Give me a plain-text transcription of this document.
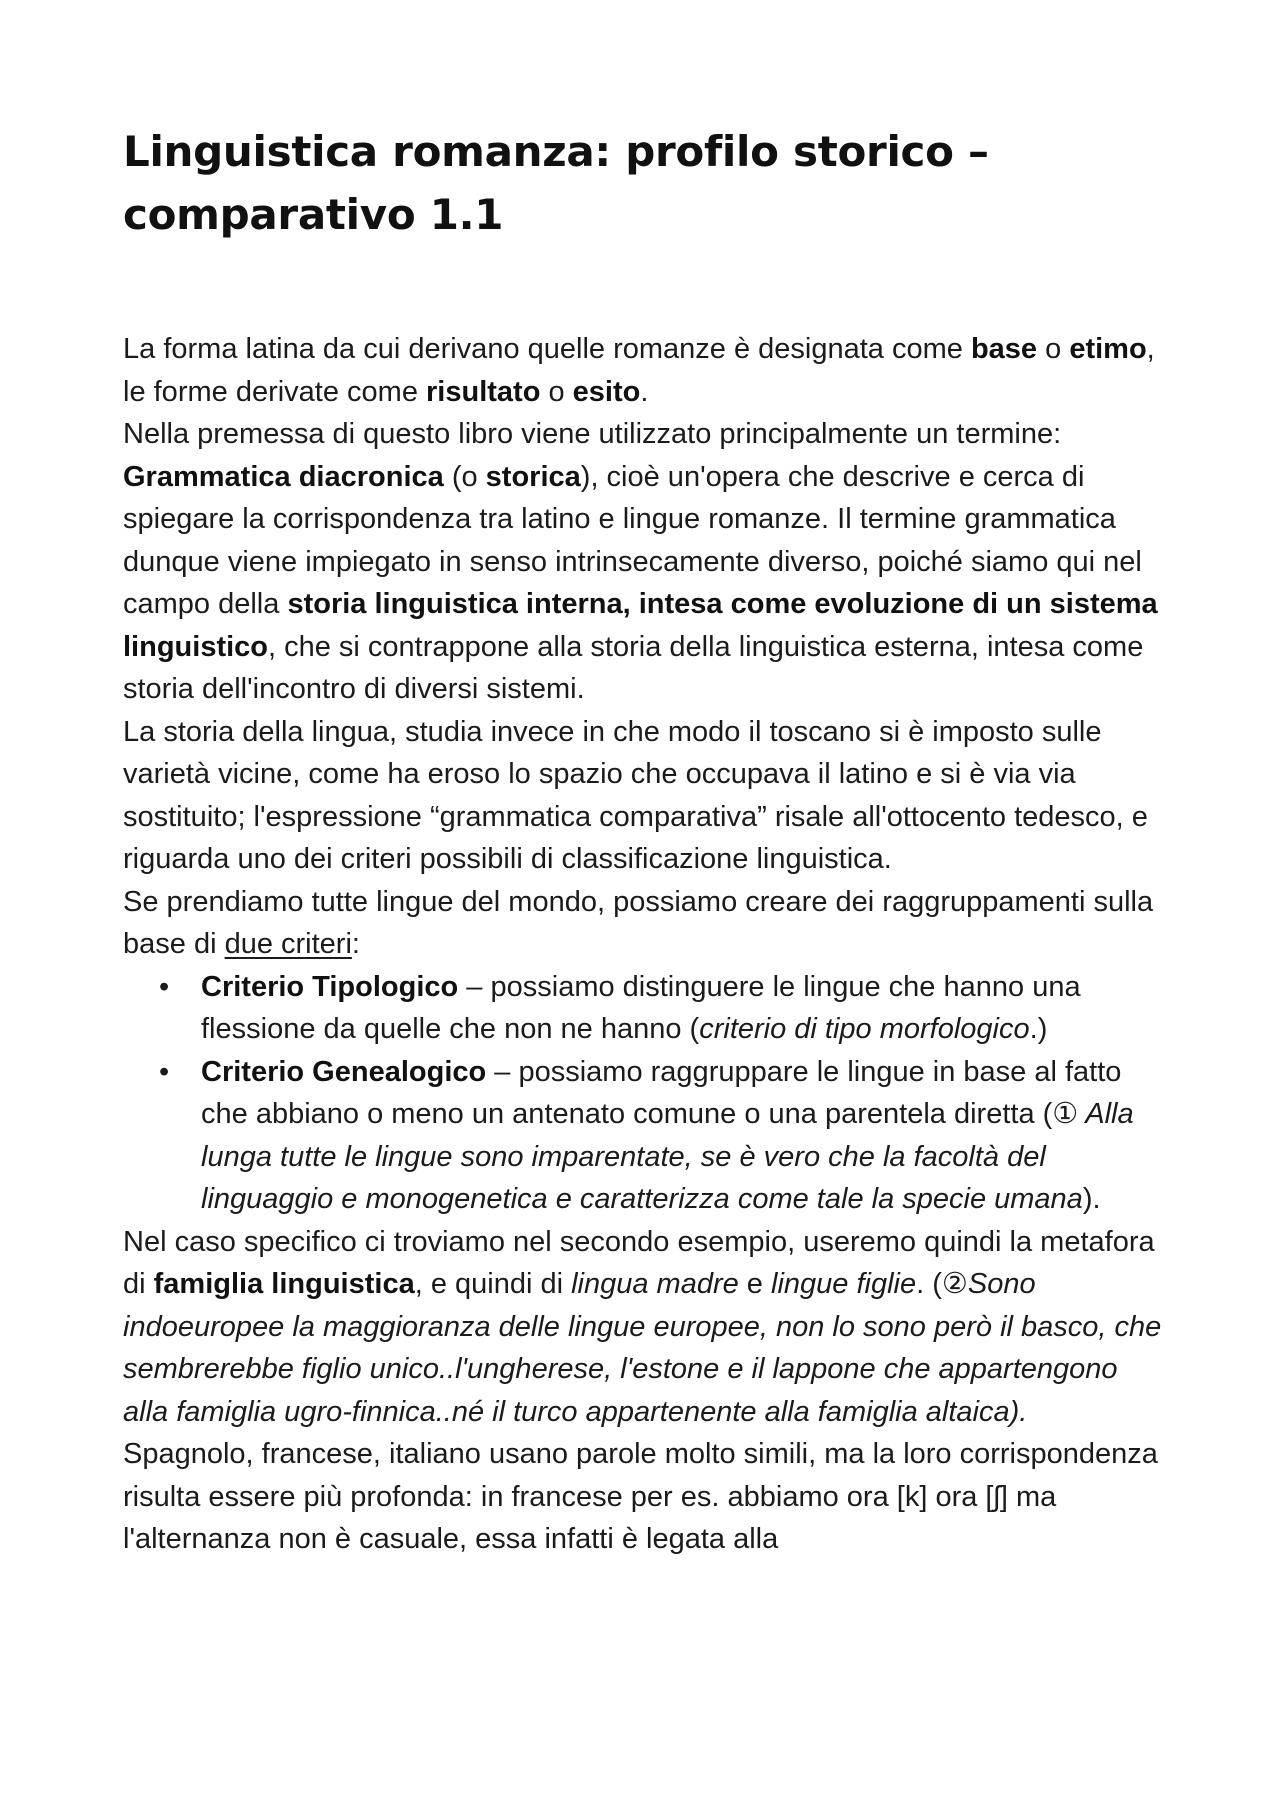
Linguistica romanza: profilo storico – comparativo 1.1

La forma latina da cui derivano quelle romanze è designata come base o etimo, le forme derivate come risultato o esito.

Nella premessa di questo libro viene utilizzato principalmente un termine: Grammatica diacronica (o storica), cioè un'opera che descrive e cerca di spiegare la corrispondenza tra latino e lingue romanze. Il termine grammatica dunque viene impiegato in senso intrinsecamente diverso, poiché siamo qui nel campo della storia linguistica interna, intesa come evoluzione di un sistema linguistico, che si contrappone alla storia della linguistica esterna, intesa come storia dell'incontro di diversi sistemi.

La storia della lingua, studia invece in che modo il toscano si è imposto sulle varietà vicine, come ha eroso lo spazio che occupava il latino e si è via via sostituito; l'espressione “grammatica comparativa” risale all'ottocento tedesco, e riguarda uno dei criteri possibili di classificazione linguistica.

Se prendiamo tutte lingue del mondo, possiamo creare dei raggruppamenti sulla base di due criteri:

• Criterio Tipologico – possiamo distinguere le lingue che hanno una flessione da quelle che non ne hanno (criterio di tipo morfologico.)
• Criterio Genealogico – possiamo raggruppare le lingue in base al fatto che abbiano o meno un antenato comune o una parentela diretta (① Alla lunga tutte le lingue sono imparentate, se è vero che la facoltà del linguaggio e monogenetica e caratterizza come tale la specie umana).

Nel caso specifico ci troviamo nel secondo esempio, useremo quindi la metafora di famiglia linguistica, e quindi di lingua madre e lingue figlie. (②Sono indoeuropee la maggioranza delle lingue europee, non lo sono però il basco, che sembrerebbe figlio unico..l'ungherese, l'estone e il lappone che appartengono alla famiglia ugro-finnica..né il turco appartenente alla famiglia altaica).

Spagnolo, francese, italiano usano parole molto simili, ma la loro corrispondenza risulta essere più profonda: in francese per es. abbiamo ora [k] ora [ʃ] ma l'alternanza non è casuale, essa infatti è legata alla
